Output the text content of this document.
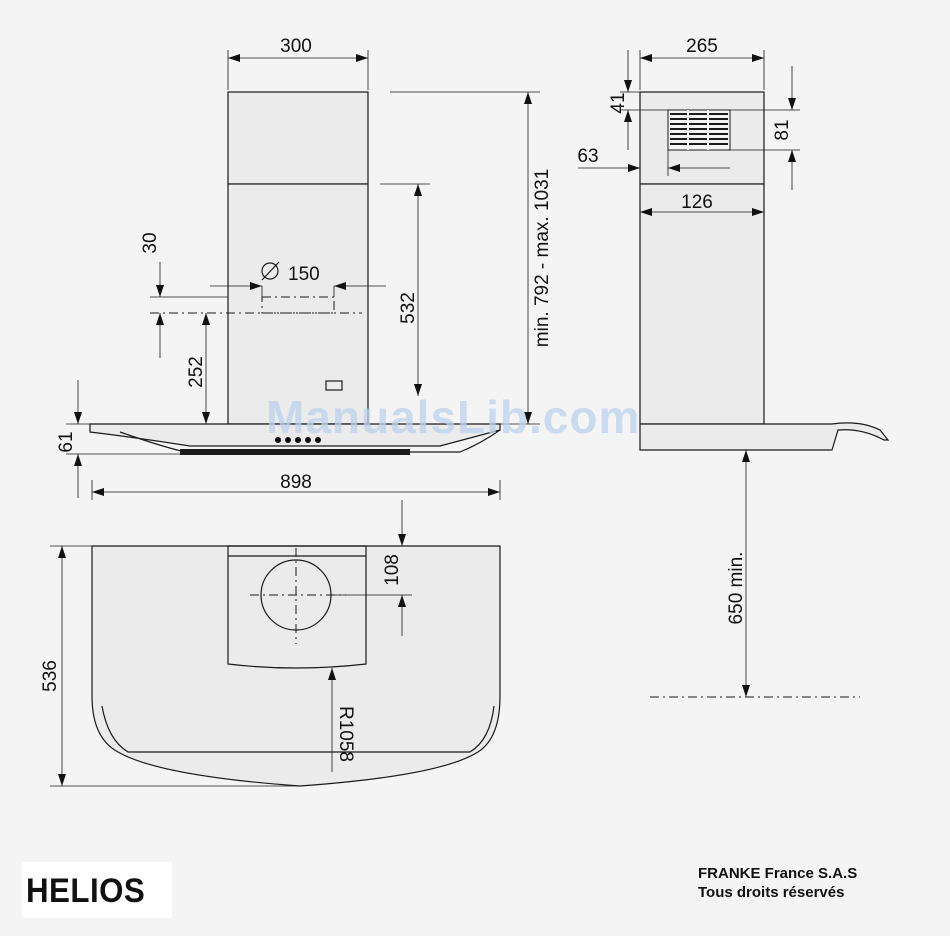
300
min. 792 - max. 1031
532
30
150
252
61
898
265
41
81
63
126
650 min.
536
108
R1058
ManualsLib.com
HELIOS	FRANKE France S.A.S
Tous droits réservés
